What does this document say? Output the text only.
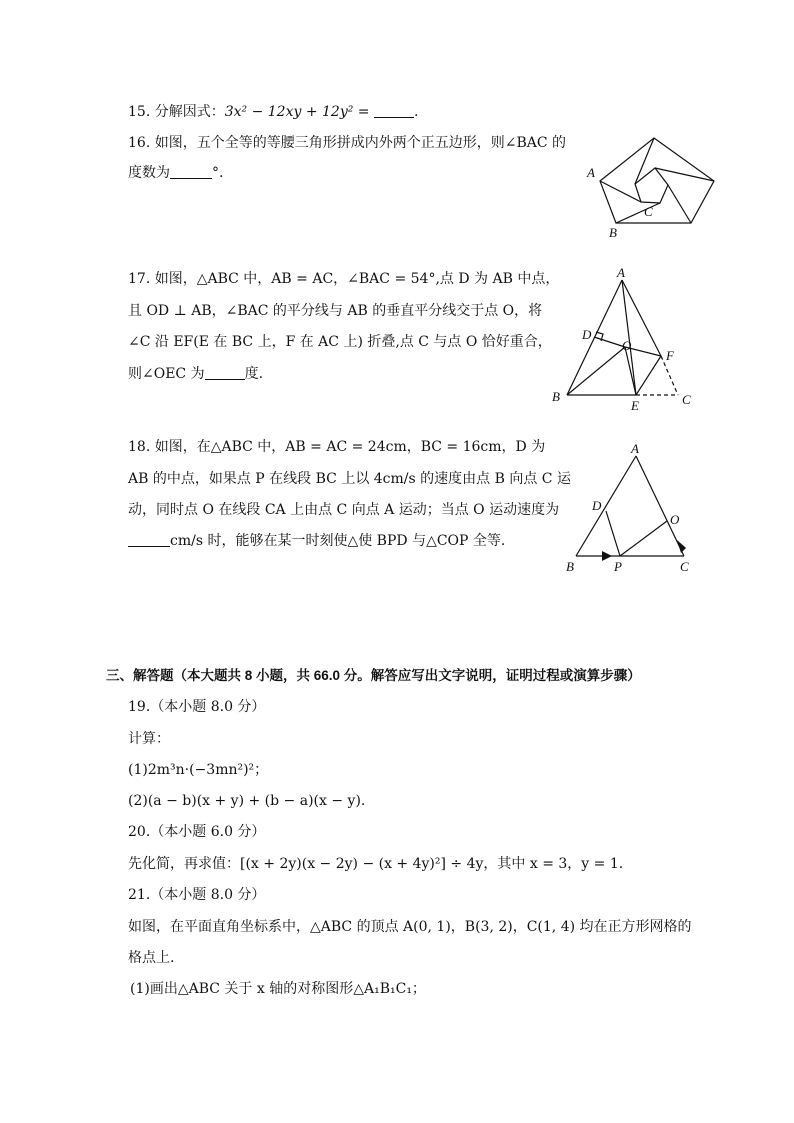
15. 分解因式：3x² − 12xy + 12y² =	.
16. 如图，五个全等的等腰三角形拼成内外两个正五边形，则∠BAC 的
度数为	°.	A
B
C
17. 如图，△ABC 中，AB = AC，∠BAC = 54°,点 D 为 AB 中点，
且 OD ⊥ AB，∠BAC 的平分线与 AB 的垂直平分线交于点 O，将
∠C 沿 EF(E 在 BC 上，F 在 AC 上) 折叠,点 C 与点 O 恰好重合，
则∠OEC 为	度.
A
B	C
D
O
E
F
18. 如图，在△ABC 中，AB = AC = 24cm，BC = 16cm，D 为
AB 的中点，如果点 P 在线段 BC 上以 4cm/s 的速度由点 B 向点 C 运
动，同时点 O 在线段 CA 上由点 C 向点 A 运动；当点 O 运动速度为
cm/s 时，能够在某一时刻使△使 BPD 与△COP 全等.
A
B	C
D
O
P
三、解答题（本大题共 8 小题，共 66.0 分。解答应写出文字说明，证明过程或演算步骤）
19.（本小题 8.0 分）
计算：
(1)2m³n·(−3mn²)²；
(2)(a − b)(x + y) + (b − a)(x − y).
20.（本小题 6.0 分）
先化简，再求值：[(x + 2y)(x − 2y) − (x + 4y)²] ÷ 4y，其中 x = 3，y = 1.
21.（本小题 8.0 分）
如图，在平面直角坐标系中，△ABC 的顶点 A(0, 1)，B(3, 2)，C(1, 4) 均在正方形网格的
格点上.
(1)画出△ABC 关于 x 轴的对称图形△A₁B₁C₁；
